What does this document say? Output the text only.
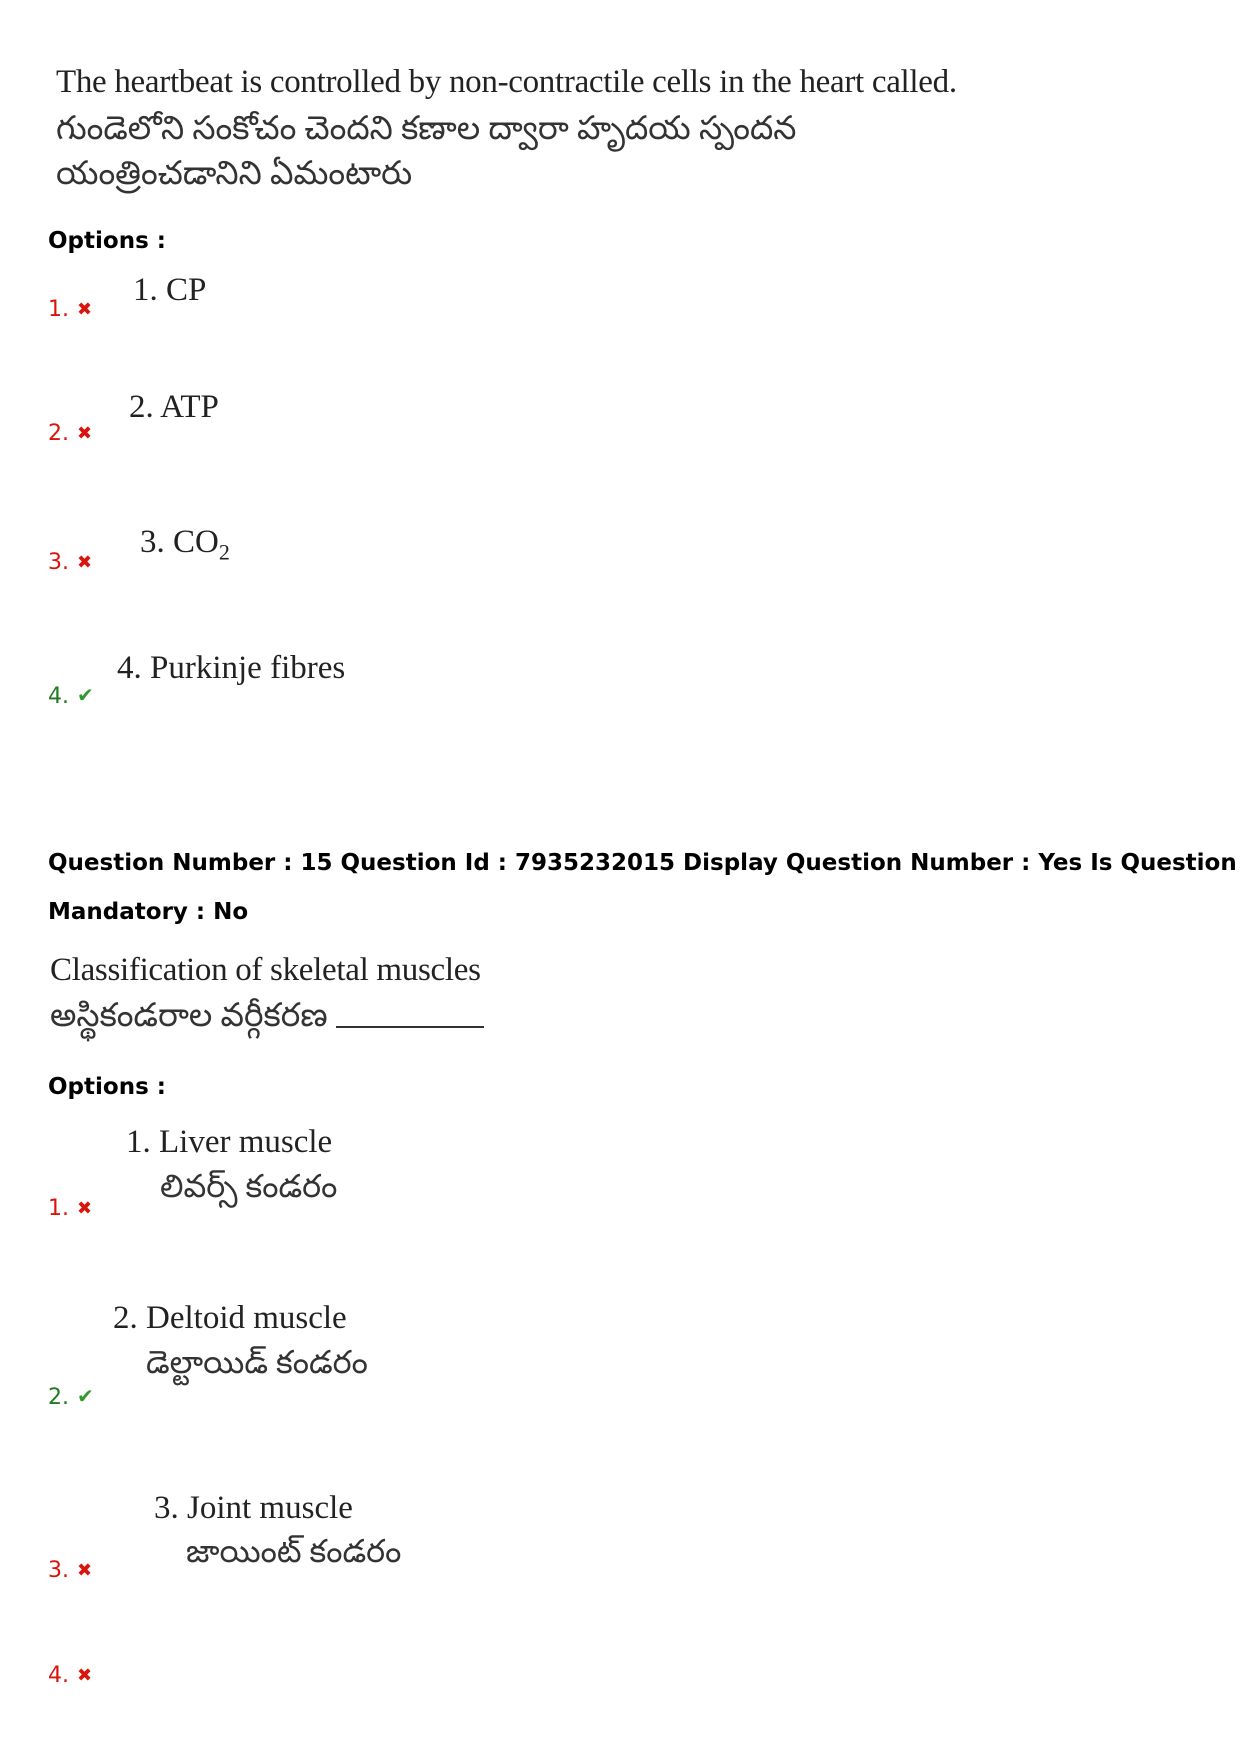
The heartbeat is controlled by non-contractile cells in the heart called.
గుండెలోని సంకోచం చెందని కణాల ద్వారా హృదయ స్పందన
యంత్రించడానిని ఏమంటారు
Options :
1. ✖
1. CP
2. ✖
2. ATP
3. ✖
3. $CO_2$
4. ✔
4. Purkinje fibres
Question Number : 15 Question Id : 7935232015 Display Question Number : Yes Is Question
Mandatory : No
Classification of skeletal muscles
అస్థికండరాల వర్గీకరణ
Options :
1. Liver muscle
లివర్స్ కండరం
1. ✖
2. Deltoid muscle
డెల్టాయిడ్ కండరం
2. ✔
3. Joint muscle
జాయింట్ కండరం
3. ✖
4. ✖
